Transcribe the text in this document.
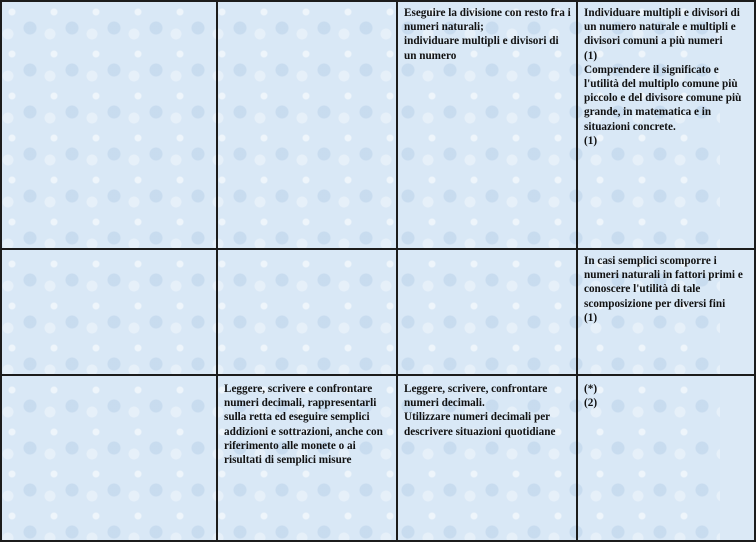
		Eseguire la divisione con resto fra i numeri naturali;
individuare multipli e divisori di un numero	Individuare multipli e divisori di un numero naturale e multipli e divisori comuni a più numeri
(1)
Comprendere il significato e l'utilità del multiplo comune più piccolo e del divisore comune più grande, in matematica e in situazioni concrete.
(1)
			In casi semplici scomporre i numeri naturali in fattori primi e conoscere l'utilità di tale scomposizione per diversi fini
(1)
	Leggere, scrivere e confrontare numeri decimali, rappresentarli sulla retta ed eseguire semplici addizioni e sottrazioni, anche con riferimento alle monete o ai risultati di semplici misure	Leggere, scrivere, confrontare numeri decimali.
Utilizzare numeri decimali per descrivere situazioni quotidiane	(*)
(2)
